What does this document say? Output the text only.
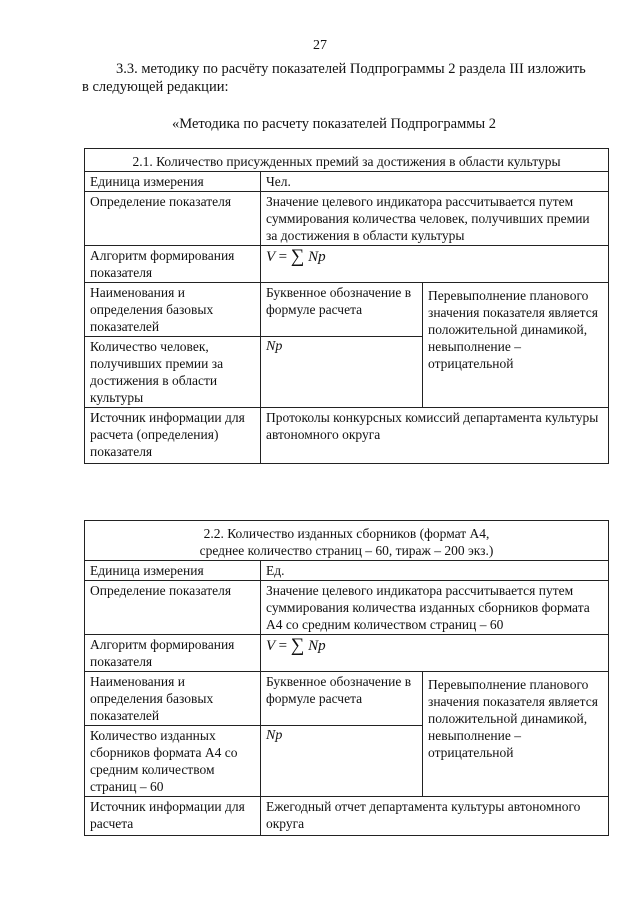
27
3.3. методику по расчёту показателей Подпрограммы 2 раздела III изложить
в следующей редакции:
«Методика по расчету показателей Подпрограммы 2
2.1. Количество присужденных премий за достижения в области культуры		
Единица измерения	Чел.	
Определение показателя	Значение целевого индикатора рассчитывается путем суммирования количества человек, получивших премии за достижения в области культуры	
Алгоритм формирования показателя	V = ∑ Np	
Наименования и определения базовых показателей	Буквенное обозначение в формуле расчета	Перевыполнение планового значения показателя является положительной динамикой, невыполнение – отрицательной
Количество человек, получивших премии за достижения в области культуры	Np	
Источник информации для расчета (определения) показателя	Протоколы конкурсных комиссий департамента культуры автономного округа	
2.2. Количество изданных сборников (формат А4,
среднее количество страниц – 60, тираж – 200 экз.)		

Единица измерения	Ед.	
Определение показателя	Значение целевого индикатора рассчитывается путем суммирования количества изданных сборников формата А4 со средним количеством страниц – 60	
Алгоритм формирования показателя	V = ∑ Np	
Наименования и определения базовых показателей	Буквенное обозначение в формуле расчета	Перевыполнение планового значения показателя является положительной динамикой, невыполнение – отрицательной
Количество изданных сборников формата А4 со средним количеством страниц – 60	Np	
Источник информации для расчета	Ежегодный отчет департамента культуры автономного округа	
